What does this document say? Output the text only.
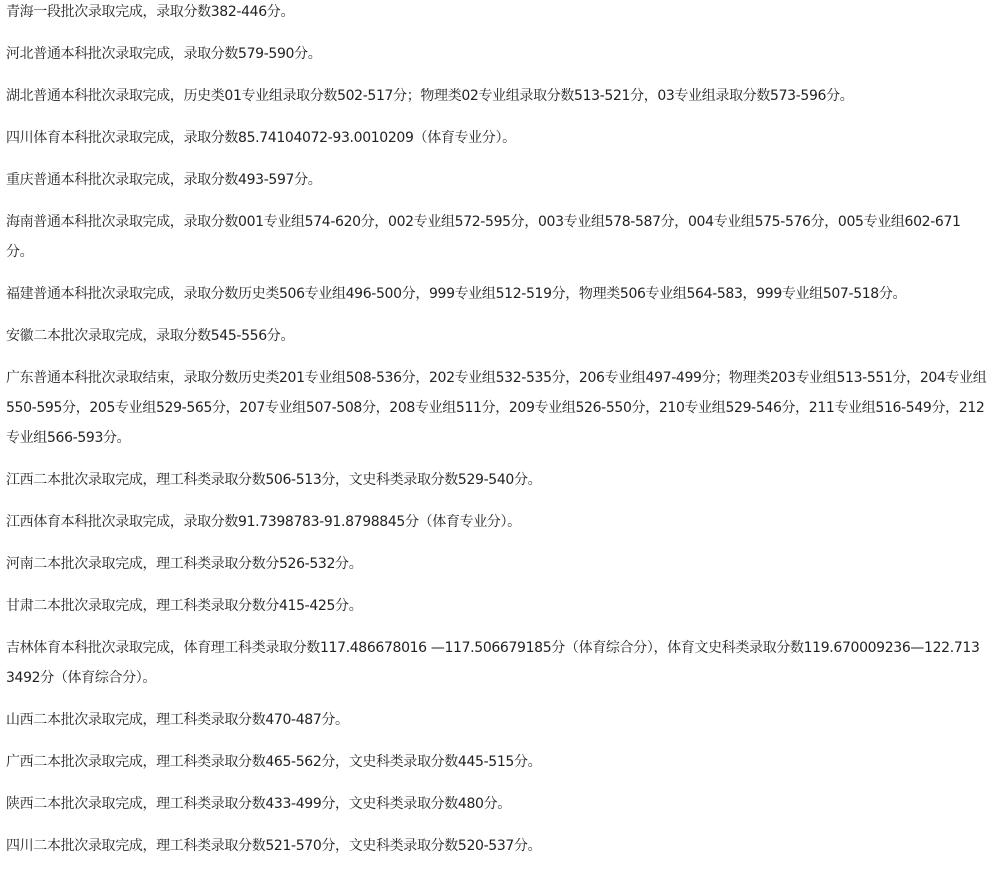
青海一段批次录取完成，录取分数382-446分。

河北普通本科批次录取完成，录取分数579-590分。

湖北普通本科批次录取完成，历史类01专业组录取分数502-517分；物理类02专业组录取分数513-521分，03专业组录取分数573-596分。

四川体育本科批次录取完成，录取分数85.74104072-93.0010209（体育专业分）。

重庆普通本科批次录取完成，录取分数493-597分。

海南普通本科批次录取完成，录取分数001专业组574-620分，002专业组572-595分，003专业组578-587分，004专业组575-576分，005专业组602-671分。

福建普通本科批次录取完成，录取分数历史类506专业组496-500分，999专业组512-519分，物理类506专业组564-583，999专业组507-518分。

安徽二本批次录取完成，录取分数545-556分。

广东普通本科批次录取结束，录取分数历史类201专业组508-536分，202专业组532-535分，206专业组497-499分；物理类203专业组513-551分，204专业组550-595分，205专业组529-565分，207专业组507-508分，208专业组511分，209专业组526-550分，210专业组529-546分，211专业组516-549分，212专业组566-593分。

江西二本批次录取完成，理工科类录取分数506-513分，文史科类录取分数529-540分。

江西体育本科批次录取完成，录取分数91.7398783-91.8798845分（体育专业分）。

河南二本批次录取完成，理工科类录取分数分526-532分。

甘肃二本批次录取完成，理工科类录取分数分415-425分。

吉林体育本科批次录取完成，体育理工科类录取分数117.486678016 —117.506679185分（体育综合分），体育文史科类录取分数119.670009236—122.7133492分（体育综合分）。

山西二本批次录取完成，理工科类录取分数470-487分。

广西二本批次录取完成，理工科类录取分数465-562分，文史科类录取分数445-515分。

陕西二本批次录取完成，理工科类录取分数433-499分，文史科类录取分数480分。

四川二本批次录取完成，理工科类录取分数521-570分，文史科类录取分数520-537分。
